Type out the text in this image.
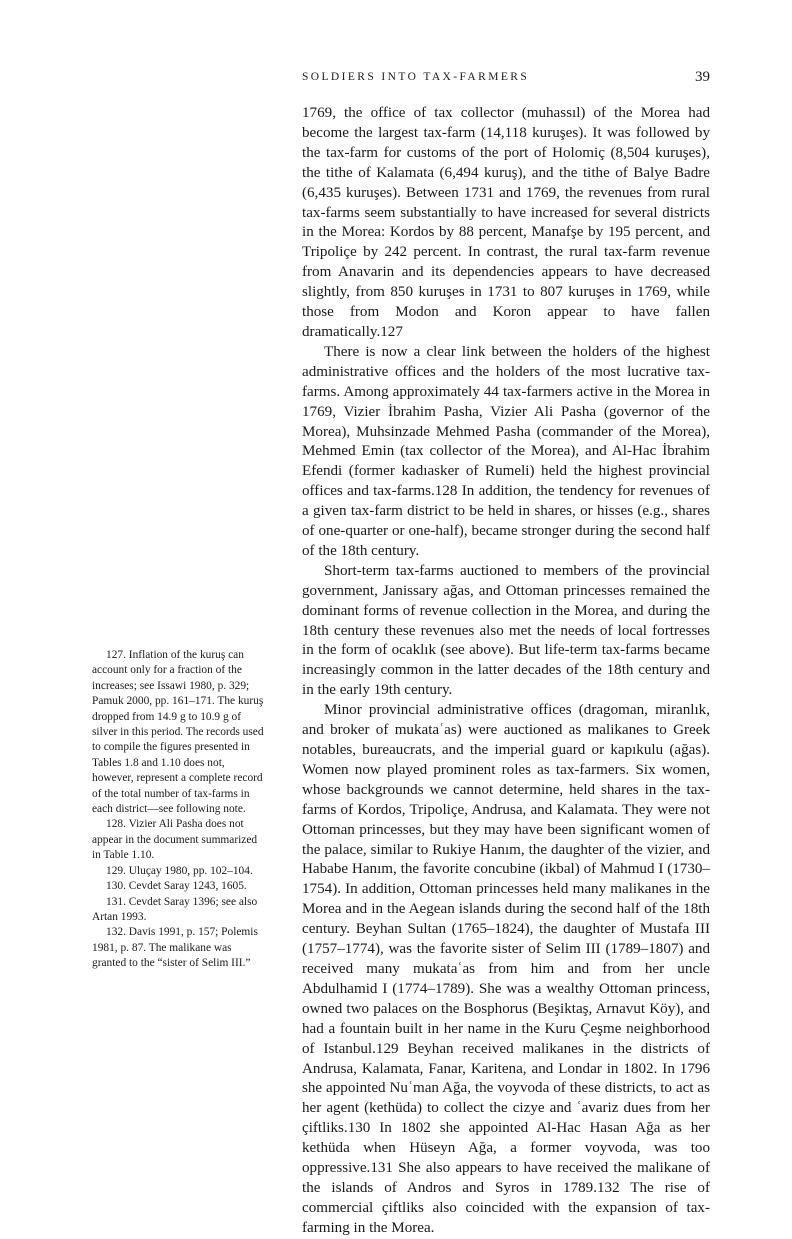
SOLDIERS INTO TAX-FARMERS	39

1769, the office of tax collector (muhassıl) of the Morea had become the largest tax-farm (14,118 kuruşes). It was followed by the tax-farm for customs of the port of Holomiç (8,504 kuruşes), the tithe of Kalamata (6,494 kuruş), and the tithe of Balye Badre (6,435 kuruşes). Between 1731 and 1769, the revenues from rural tax-farms seem substantially to have increased for several districts in the Morea: Kordos by 88 percent, Manafşe by 195 percent, and Tripoliçe by 242 percent. In contrast, the rural tax-farm revenue from Anavarin and its dependencies appears to have decreased slightly, from 850 kuruşes in 1731 to 807 kuruşes in 1769, while those from Modon and Koron appear to have fallen dramatically.127

There is now a clear link between the holders of the highest administrative offices and the holders of the most lucrative tax-farms. Among approximately 44 tax-farmers active in the Morea in 1769, Vizier İbrahim Pasha, Vizier Ali Pasha (governor of the Morea), Muhsinzade Mehmed Pasha (commander of the Morea), Mehmed Emin (tax collector of the Morea), and Al-Hac İbrahim Efendi (former kadıasker of Rumeli) held the highest provincial offices and tax-farms.128 In addition, the tendency for revenues of a given tax-farm district to be held in shares, or hisses (e.g., shares of one-quarter or one-half), became stronger during the second half of the 18th century.

Short-term tax-farms auctioned to members of the provincial government, Janissary ağas, and Ottoman princesses remained the dominant forms of revenue collection in the Morea, and during the 18th century these revenues also met the needs of local fortresses in the form of ocaklık (see above). But life-term tax-farms became increasingly common in the latter decades of the 18th century and in the early 19th century.

Minor provincial administrative offices (dragoman, miranlık, and broker of mukataʿas) were auctioned as malikanes to Greek notables, bureaucrats, and the imperial guard or kapıkulu (ağas). Women now played prominent roles as tax-farmers. Six women, whose backgrounds we cannot determine, held shares in the tax-farms of Kordos, Tripoliçe, Andrusa, and Kalamata. They were not Ottoman princesses, but they may have been significant women of the palace, similar to Rukiye Hanım, the daughter of the vizier, and Hababe Hanım, the favorite concubine (ikbal) of Mahmud I (1730–1754). In addition, Ottoman princesses held many malikanes in the Morea and in the Aegean islands during the second half of the 18th century. Beyhan Sultan (1765–1824), the daughter of Mustafa III (1757–1774), was the favorite sister of Selim III (1789–1807) and received many mukataʿas from him and from her uncle Abdulhamid I (1774–1789). She was a wealthy Ottoman princess, owned two palaces on the Bosphorus (Beşiktaş, Arnavut Köy), and had a fountain built in her name in the Kuru Çeşme neighborhood of Istanbul.129 Beyhan received malikanes in the districts of Andrusa, Kalamata, Fanar, Karitena, and Londar in 1802. In 1796 she appointed Nuʿman Ağa, the voyvoda of these districts, to act as her agent (kethüda) to collect the cizye and ʿavariz dues from her çiftliks.130 In 1802 she appointed Al-Hac Hasan Ağa as her kethüda when Hüseyn Ağa, a former voyvoda, was too oppressive.131 She also appears to have received the malikane of the islands of Andros and Syros in 1789.132 The rise of commercial çiftliks also coincided with the expansion of tax-farming in the Morea.

127. Inflation of the kuruş can account only for a fraction of the increases; see Issawi 1980, p. 329; Pamuk 2000, pp. 161–171. The kuruş dropped from 14.9 g to 10.9 g of silver in this period. The records used to compile the figures presented in Tables 1.8 and 1.10 does not, however, represent a complete record of the total number of tax-farms in each district—see following note.

128. Vizier Ali Pasha does not appear in the document summarized in Table 1.10.

129. Uluçay 1980, pp. 102–104.

130. Cevdet Saray 1243, 1605.

131. Cevdet Saray 1396; see also Artan 1993.

132. Davis 1991, p. 157; Polemis 1981, p. 87. The malikane was granted to the “sister of Selim III.”
